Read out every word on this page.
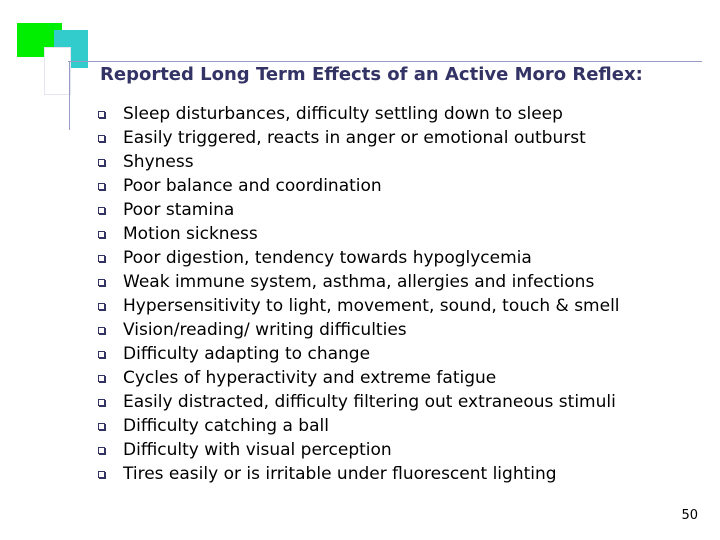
Reported Long Term Effects of an Active Moro Reflex:
Sleep disturbances, difficulty settling down to sleep
Easily triggered, reacts in anger or emotional outburst
Shyness
Poor balance and coordination
Poor stamina
Motion sickness
Poor digestion, tendency towards hypoglycemia
Weak immune system, asthma, allergies and infections
Hypersensitivity to light, movement, sound, touch & smell
Vision/reading/ writing difficulties
Difficulty adapting to change
Cycles of hyperactivity and extreme fatigue
Easily distracted, difficulty filtering out extraneous stimuli
Difficulty catching a ball
Difficulty with visual perception
Tires easily or is irritable under fluorescent lighting
50
